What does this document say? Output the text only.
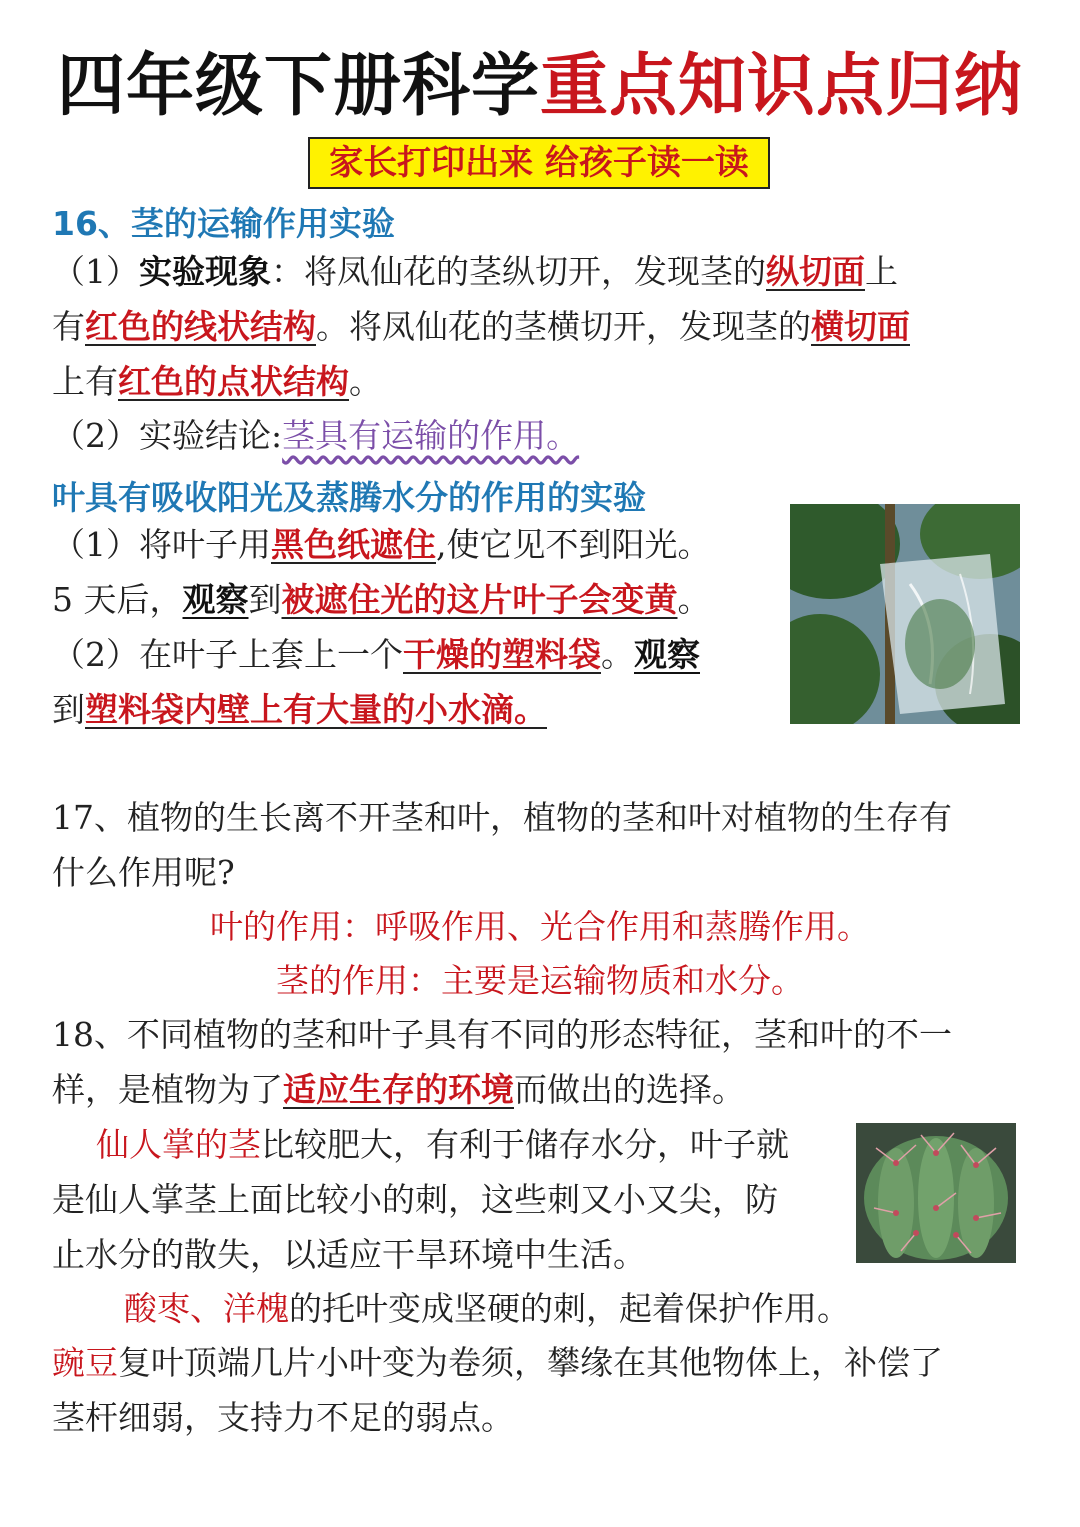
四年级下册科学重点知识点归纳
家长打印出来 给孩子读一读
16、茎的运输作用实验
（1）实验现象：将凤仙花的茎纵切开，发现茎的纵切面上
有红色的线状结构。将凤仙花的茎横切开，发现茎的横切面
上有红色的点状结构。
（2）实验结论:茎具有运输的作用。
叶具有吸收阳光及蒸腾水分的作用的实验
（1）将叶子用黑色纸遮住,使它见不到阳光。
5 天后，观察到被遮住光的这片叶子会变黄。
（2）在叶子上套上一个干燥的塑料袋。观察
到塑料袋内壁上有大量的小水滴。
17、植物的生长离不开茎和叶，植物的茎和叶对植物的生存有
什么作用呢?
叶的作用：呼吸作用、光合作用和蒸腾作用。
茎的作用：主要是运输物质和水分。
18、不同植物的茎和叶子具有不同的形态特征，茎和叶的不一
样，是植物为了适应生存的环境而做出的选择。
仙人掌的茎比较肥大，有利于储存水分，叶子就
是仙人掌茎上面比较小的刺，这些刺又小又尖，防
止水分的散失，以适应干旱环境中生活。
酸枣、洋槐的托叶变成坚硬的刺，起着保护作用。
豌豆复叶顶端几片小叶变为卷须，攀缘在其他物体上，补偿了
茎杆细弱，支持力不足的弱点。
